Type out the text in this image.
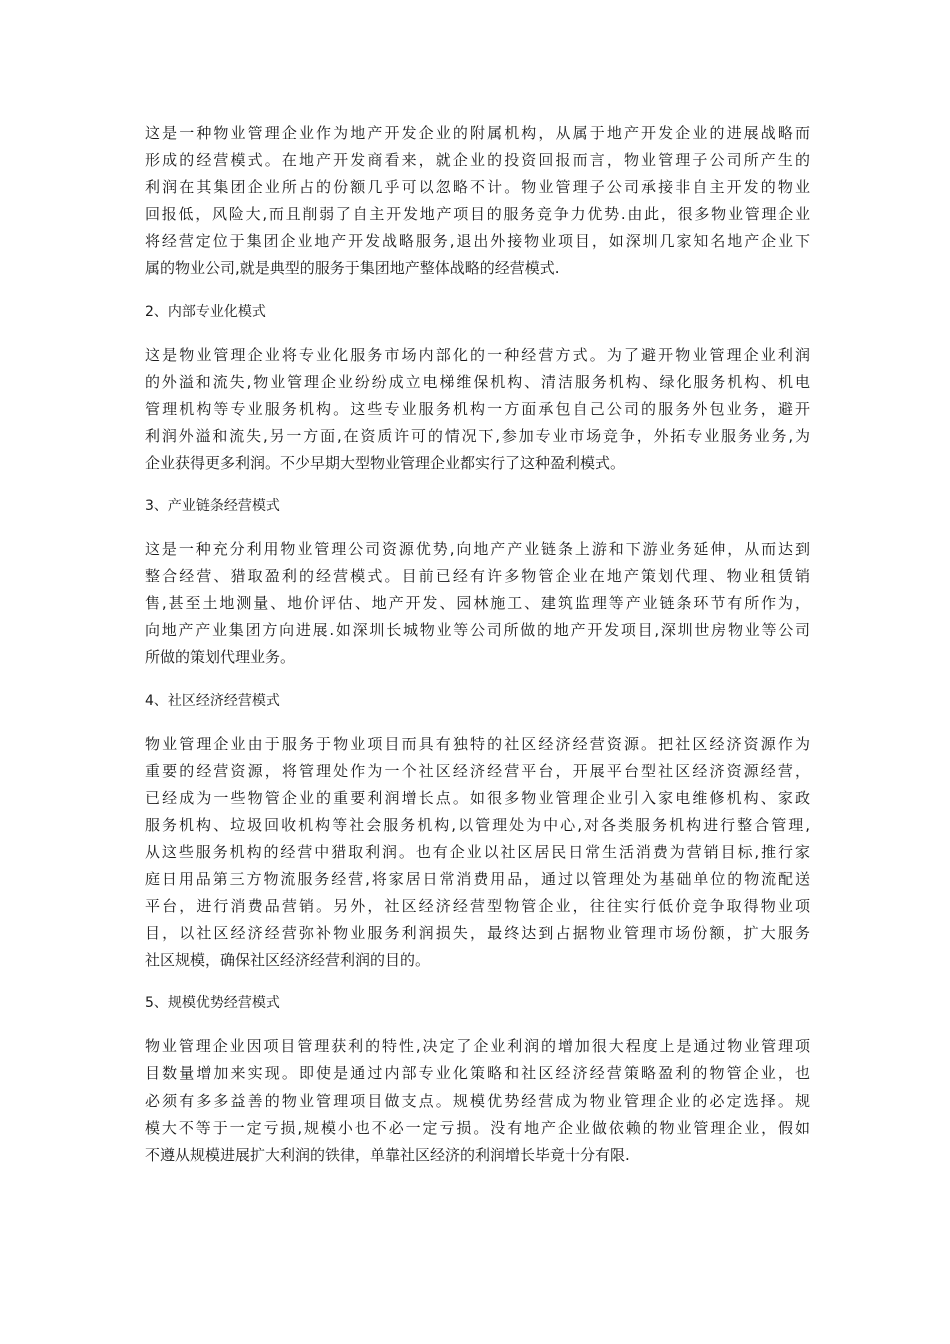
这是一种物业管理企业作为地产开发企业的附属机构，从属于地产开发企业的进展战略而
形成的经营模式。在地产开发商看来，就企业的投资回报而言，物业管理子公司所产生的
利润在其集团企业所占的份额几乎可以忽略不计。物业管理子公司承接非自主开发的物业
回报低，风险大,而且削弱了自主开发地产项目的服务竞争力优势.由此，很多物业管理企业
将经营定位于集团企业地产开发战略服务,退出外接物业项目，如深圳几家知名地产企业下
属的物业公司,就是典型的服务于集团地产整体战略的经营模式.
2、内部专业化模式
这是物业管理企业将专业化服务市场内部化的一种经营方式。为了避开物业管理企业利润
的外溢和流失,物业管理企业纷纷成立电梯维保机构、清洁服务机构、绿化服务机构、机电
管理机构等专业服务机构。这些专业服务机构一方面承包自己公司的服务外包业务，避开
利润外溢和流失,另一方面,在资质许可的情况下,参加专业市场竞争，外拓专业服务业务,为
企业获得更多利润。不少早期大型物业管理企业都实行了这种盈利模式。
3、产业链条经营模式
这是一种充分利用物业管理公司资源优势,向地产产业链条上游和下游业务延伸，从而达到
整合经营、猎取盈利的经营模式。目前已经有许多物管企业在地产策划代理、物业租赁销
售,甚至土地测量、地价评估、地产开发、园林施工、建筑监理等产业链条环节有所作为，
向地产产业集团方向进展.如深圳长城物业等公司所做的地产开发项目,深圳世房物业等公司
所做的策划代理业务。
4、社区经济经营模式
物业管理企业由于服务于物业项目而具有独特的社区经济经营资源。把社区经济资源作为
重要的经营资源，将管理处作为一个社区经济经营平台，开展平台型社区经济资源经营，
已经成为一些物管企业的重要利润增长点。如很多物业管理企业引入家电维修机构、家政
服务机构、垃圾回收机构等社会服务机构,以管理处为中心,对各类服务机构进行整合管理,
从这些服务机构的经营中猎取利润。也有企业以社区居民日常生活消费为营销目标,推行家
庭日用品第三方物流服务经营,将家居日常消费用品，通过以管理处为基础单位的物流配送
平台，进行消费品营销。另外，社区经济经营型物管企业，往往实行低价竞争取得物业项
目，以社区经济经营弥补物业服务利润损失，最终达到占据物业管理市场份额，扩大服务
社区规模，确保社区经济经营利润的目的。
5、规模优势经营模式
物业管理企业因项目管理获利的特性,决定了企业利润的增加很大程度上是通过物业管理项
目数量增加来实现。即使是通过内部专业化策略和社区经济经营策略盈利的物管企业，也
必须有多多益善的物业管理项目做支点。规模优势经营成为物业管理企业的必定选择。规
模大不等于一定亏损,规模小也不必一定亏损。没有地产企业做依赖的物业管理企业，假如
不遵从规模进展扩大利润的铁律，单靠社区经济的利润增长毕竟十分有限.
